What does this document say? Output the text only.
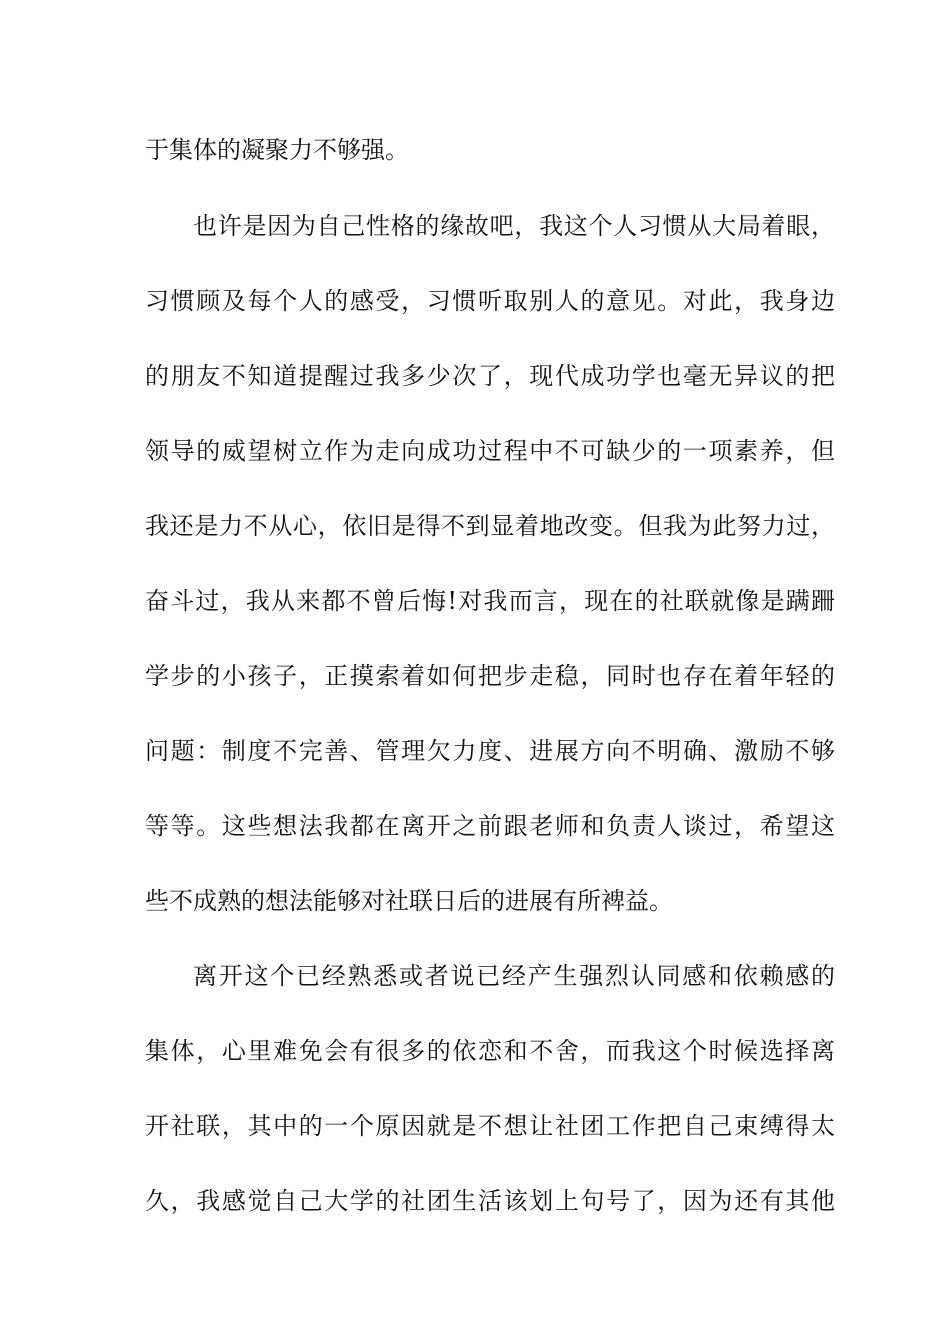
于集体的凝聚力不够强。
也许是因为自己性格的缘故吧，我这个人习惯从大局着眼，
习惯顾及每个人的感受，习惯听取别人的意见。对此，我身边
的朋友不知道提醒过我多少次了，现代成功学也毫无异议的把
领导的威望树立作为走向成功过程中不可缺少的一项素养，但
我还是力不从心，依旧是得不到显着地改变。但我为此努力过，
奋斗过，我从来都不曾后悔!对我而言，现在的社联就像是蹒跚
学步的小孩子，正摸索着如何把步走稳，同时也存在着年轻的
问题：制度不完善、管理欠力度、进展方向不明确、激励不够
等等。这些想法我都在离开之前跟老师和负责人谈过，希望这
些不成熟的想法能够对社联日后的进展有所裨益。
离开这个已经熟悉或者说已经产生强烈认同感和依赖感的
集体，心里难免会有很多的依恋和不舍，而我这个时候选择离
开社联，其中的一个原因就是不想让社团工作把自己束缚得太
久，我感觉自己大学的社团生活该划上句号了，因为还有其他
